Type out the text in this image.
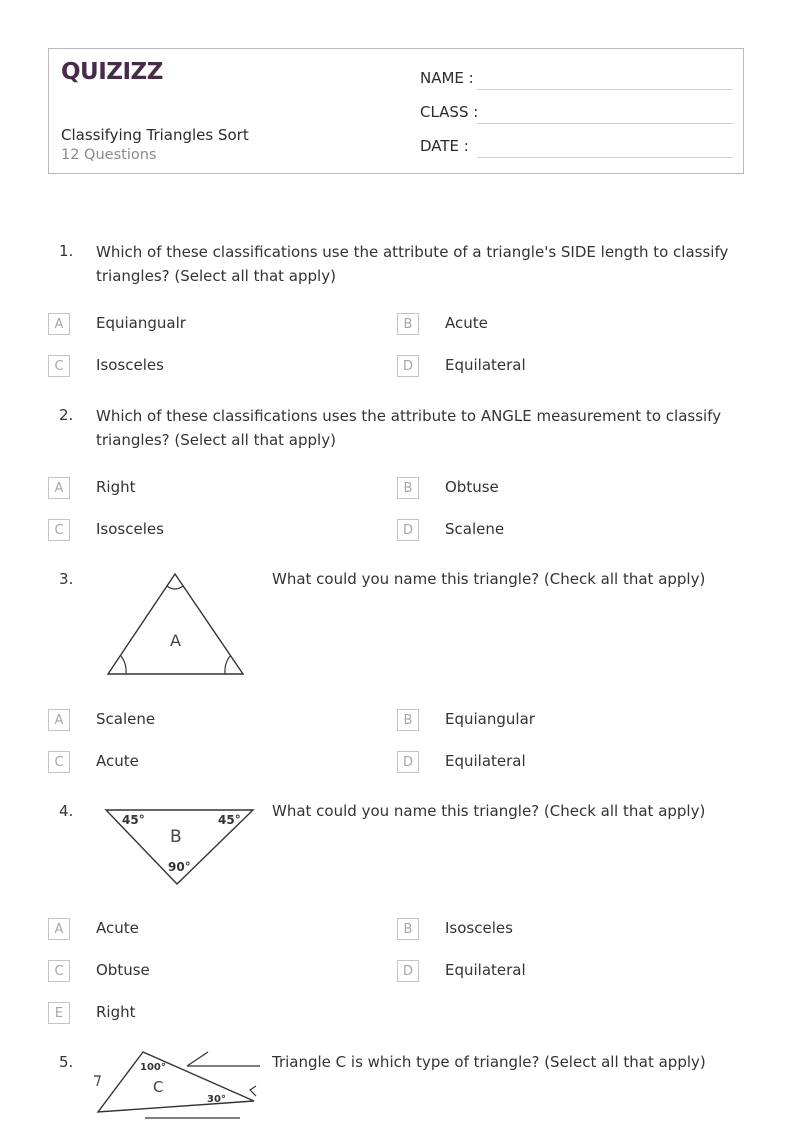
QUIZIZZ
Classifying Triangles Sort
12 Questions
NAME :
CLASS :
DATE :
1. Which of these classifications use the attribute of a triangle's SIDE length to classify triangles? (Select all that apply)
A	Equiangualr	B	Acute
C	Isosceles	D	Equilateral
2. Which of these classifications uses the attribute to ANGLE measurement to classify triangles? (Select all that apply)
A	Right	B	Obtuse
C	Isosceles	D	Scalene
3.
A
What could you name this triangle? (Check all that apply)
A	Scalene	B	Equiangular
C	Acute	D	Equilateral
4.	45°	45°
B
90°
What could you name this triangle? (Check all that apply)
A	Acute	B	Isosceles
C	Obtuse	D	Equilateral
E	Right
5.	100°
C
30°
Triangle C is which type of triangle? (Select all that apply)
